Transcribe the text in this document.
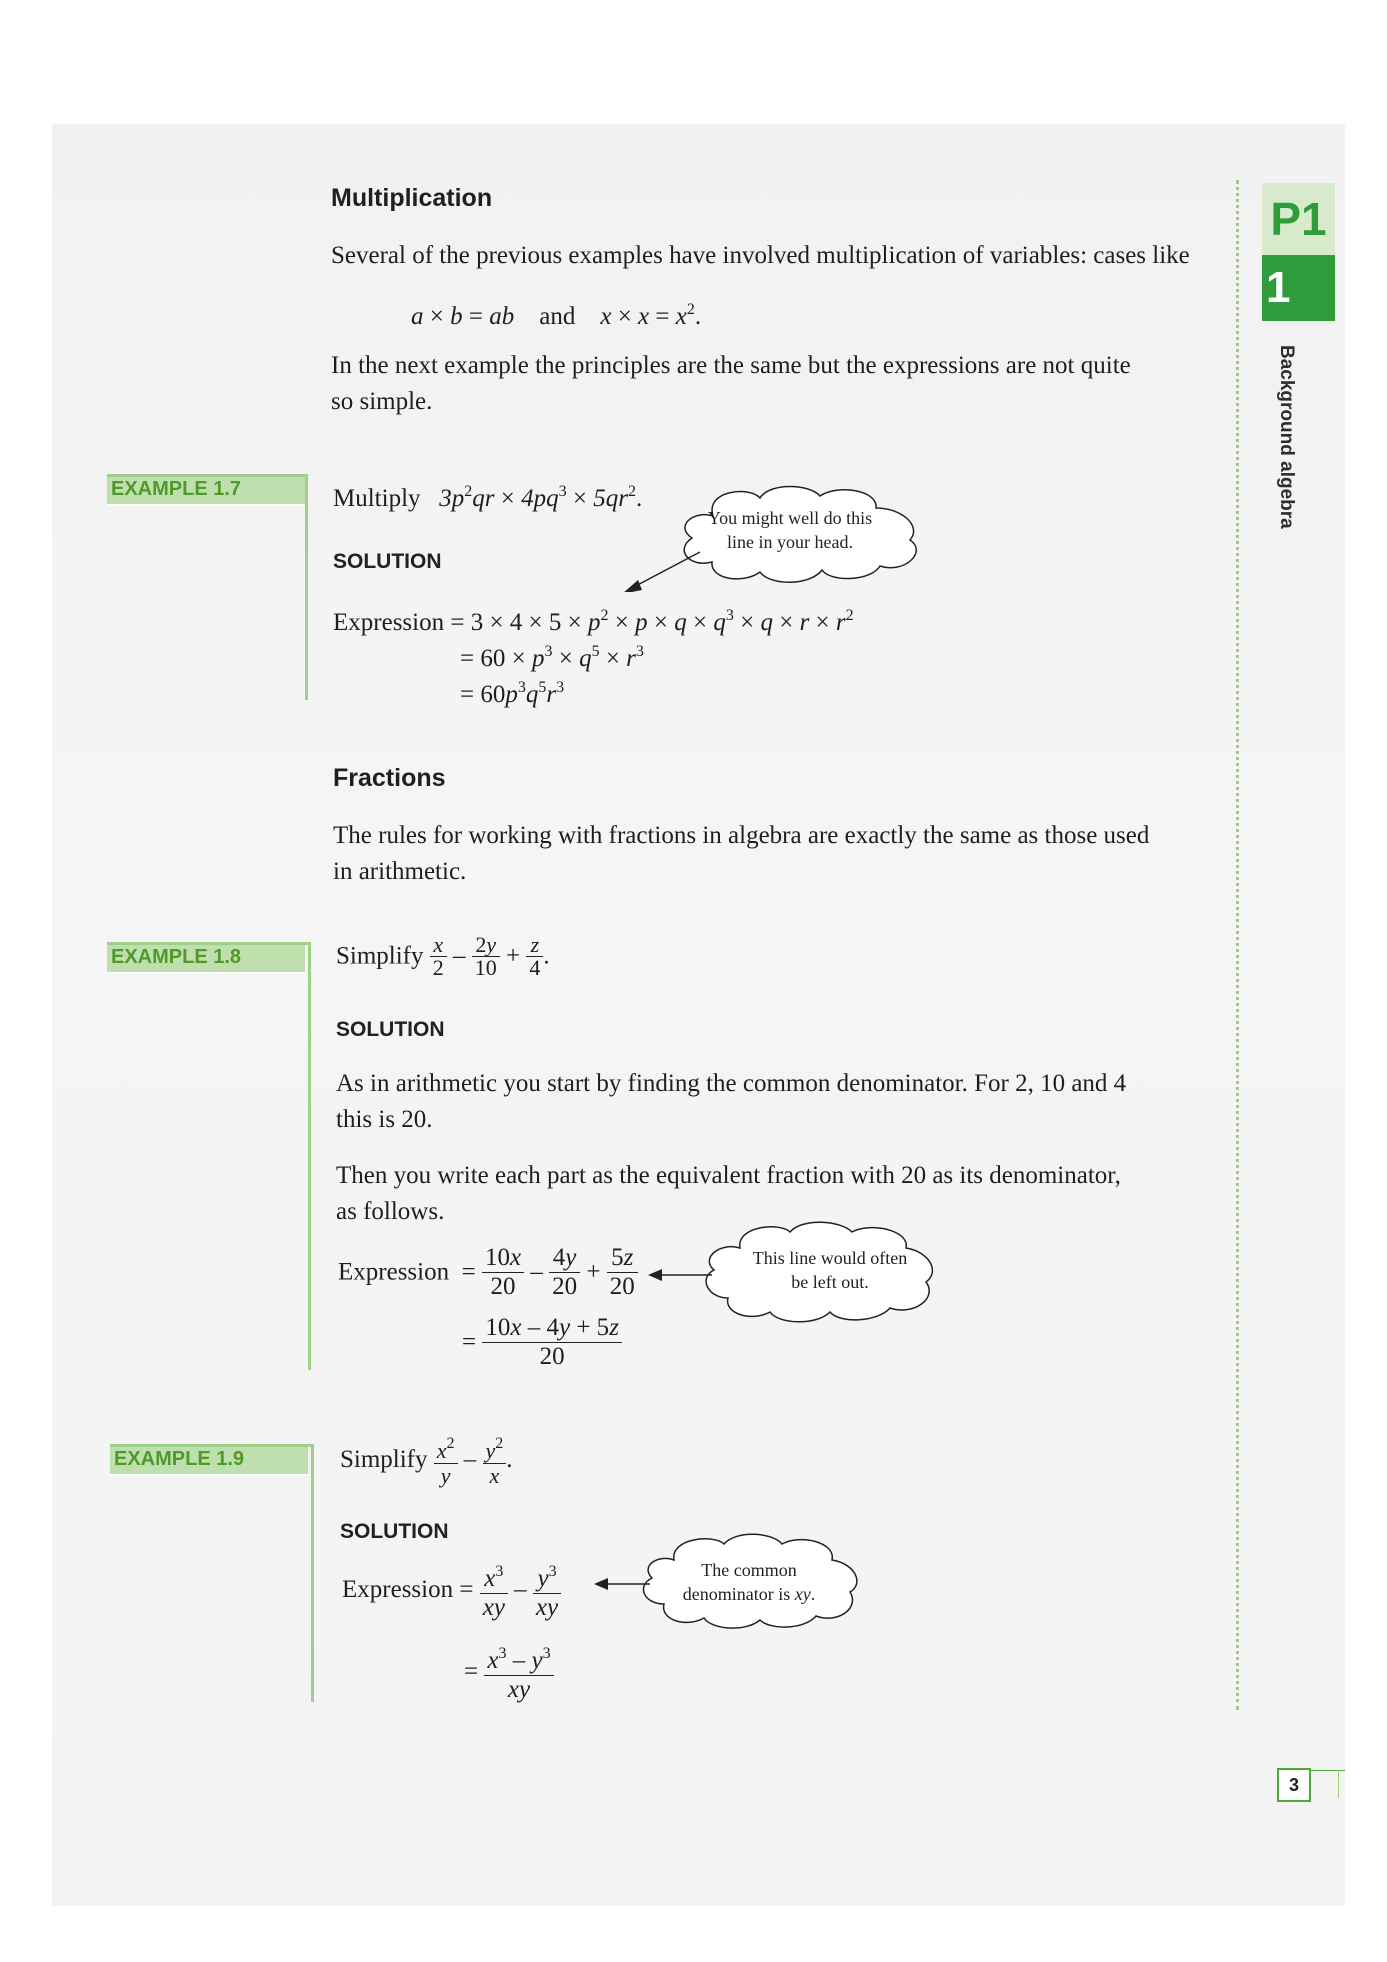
P1
1
Background algebra
Multiplication
Several of the previous examples have involved multiplication of variables: cases like
a × b = ab and $x \times x = x^2$.
In the next example the principles are the same but the expressions are not quite
so simple.
EXAMPLE 1.7	Multiply $3p^2qr \times 4pq^3 \times 5qr^2$.
SOLUTION
Expression = $3 \times 4 \times 5 \times p^2 \times p \times q \times q^3 \times q \times r \times r^2$
= $60 \times p^3 \times q^5 \times r^3$
= $60p^3q^5r^3$
You might well do this
line in your head.
Fractions
The rules for working with fractions in algebra are exactly the same as those used
in arithmetic.
EXAMPLE 1.8	Simplify $\frac{x}{2} - \frac{2y}{10} + \frac{z}{4}$ .
SOLUTION
As in arithmetic you start by finding the common denominator. For 2, 10 and 4
this is 20.
Then you write each part as the equivalent fraction with 20 as its denominator,
as follows.
Expression  = $\frac{10x}{20} - \frac{4y}{20} + \frac{5z}{20}$
= $\frac{10x - 4y + 5z}{20}$
This line would often
be left out.
EXAMPLE 1.9	Simplify $\frac{x^2}{y} - \frac{y^2}{x}$ .
SOLUTION
Expression = $\frac{x^3}{xy} - \frac{y^3}{xy}$
= $\frac{x^3 - y^3}{xy}$
The common
denominator is xy.
3
